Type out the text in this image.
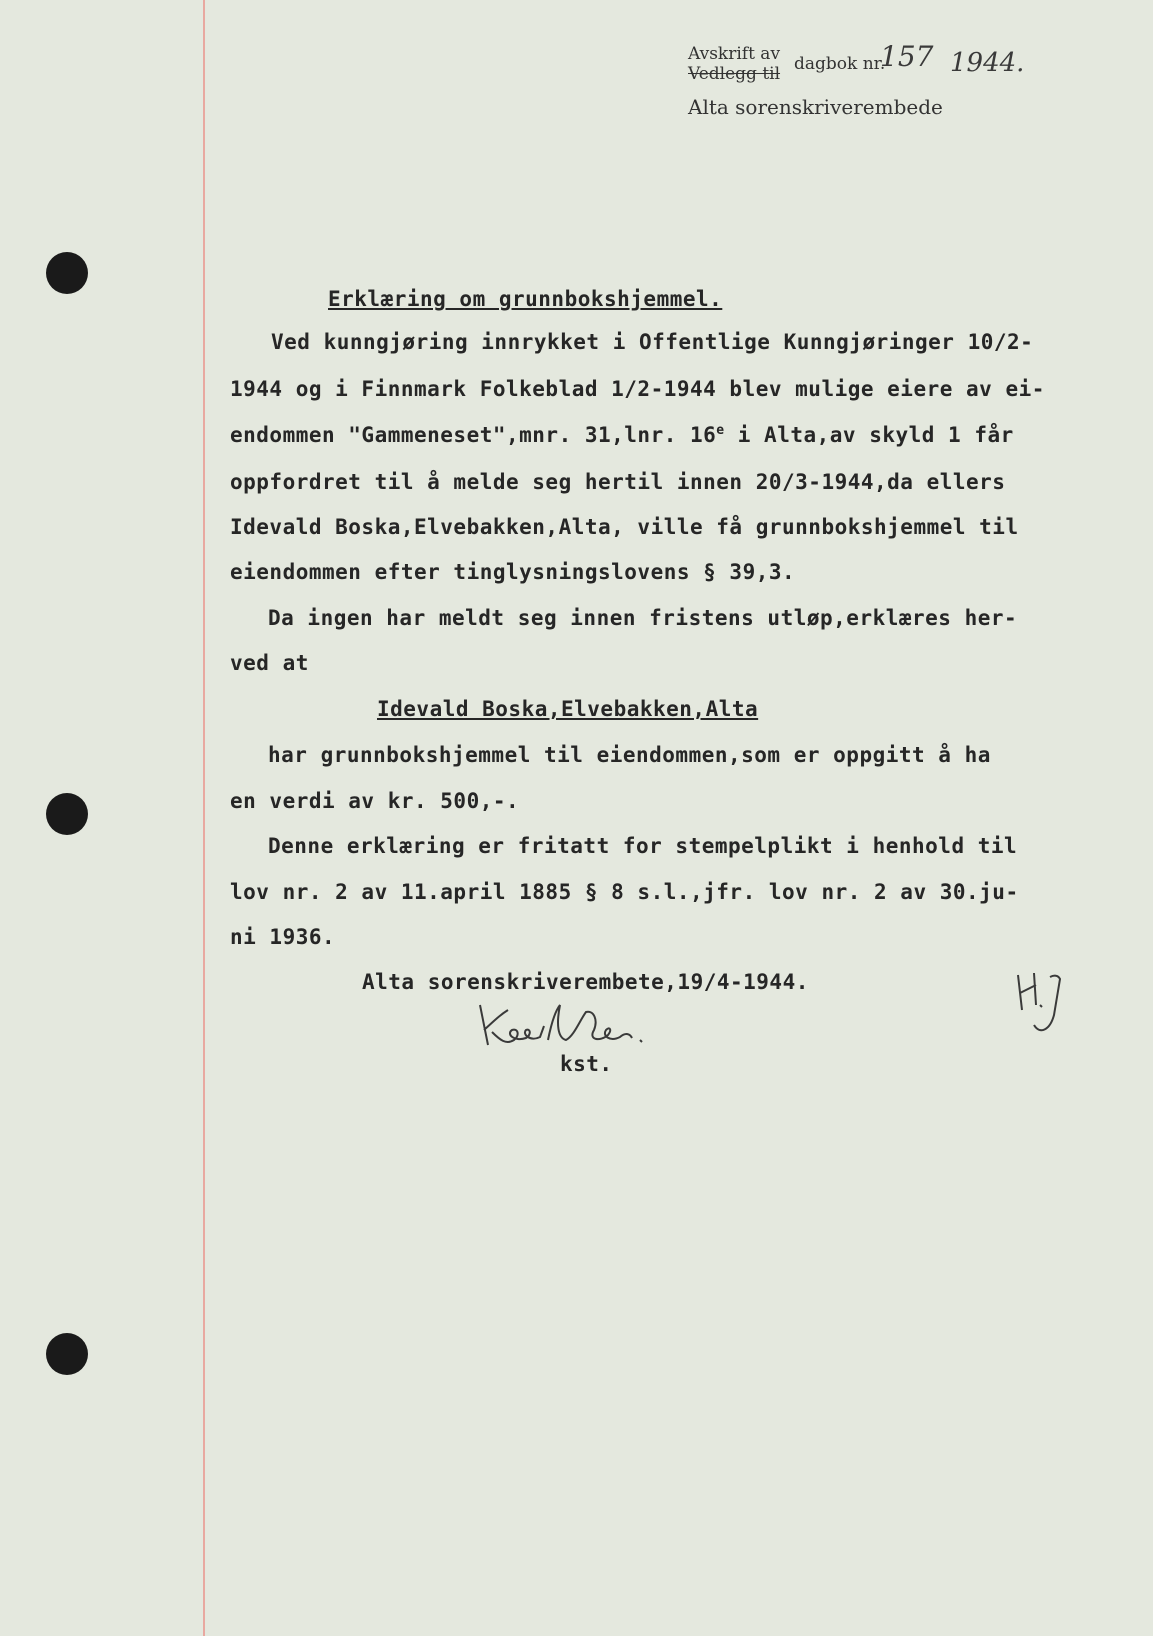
Avskrift av
Vedlegg til dagbok nr.
157 1944.
Alta sorenskriverembede
Erklæring om grunnbokshjemmel.
Ved kunngjøring innrykket i Offentlige Kunngjøringer 10/2-
1944 og i Finnmark Folkeblad 1/2-1944 blev mulige eiere av ei-
endommen "Gammeneset",mnr. 31,lnr. 16e i Alta,av skyld 1 får
oppfordret til å melde seg hertil innen 20/3-1944,da ellers
Idevald Boska,Elvebakken,Alta, ville få grunnbokshjemmel til
eiendommen efter tinglysningslovens § 39,3.
Da ingen har meldt seg innen fristens utløp,erklæres her-
ved at
Idevald Boska,Elvebakken,Alta
har grunnbokshjemmel til eiendommen,som er oppgitt å ha
en verdi av kr. 500,-.
Denne erklæring er fritatt for stempelplikt i henhold til
lov nr. 2 av 11.april 1885 § 8 s.l.,jfr. lov nr. 2 av 30.ju-
ni 1936.
Alta sorenskriverembete,19/4-1944.
kst.
